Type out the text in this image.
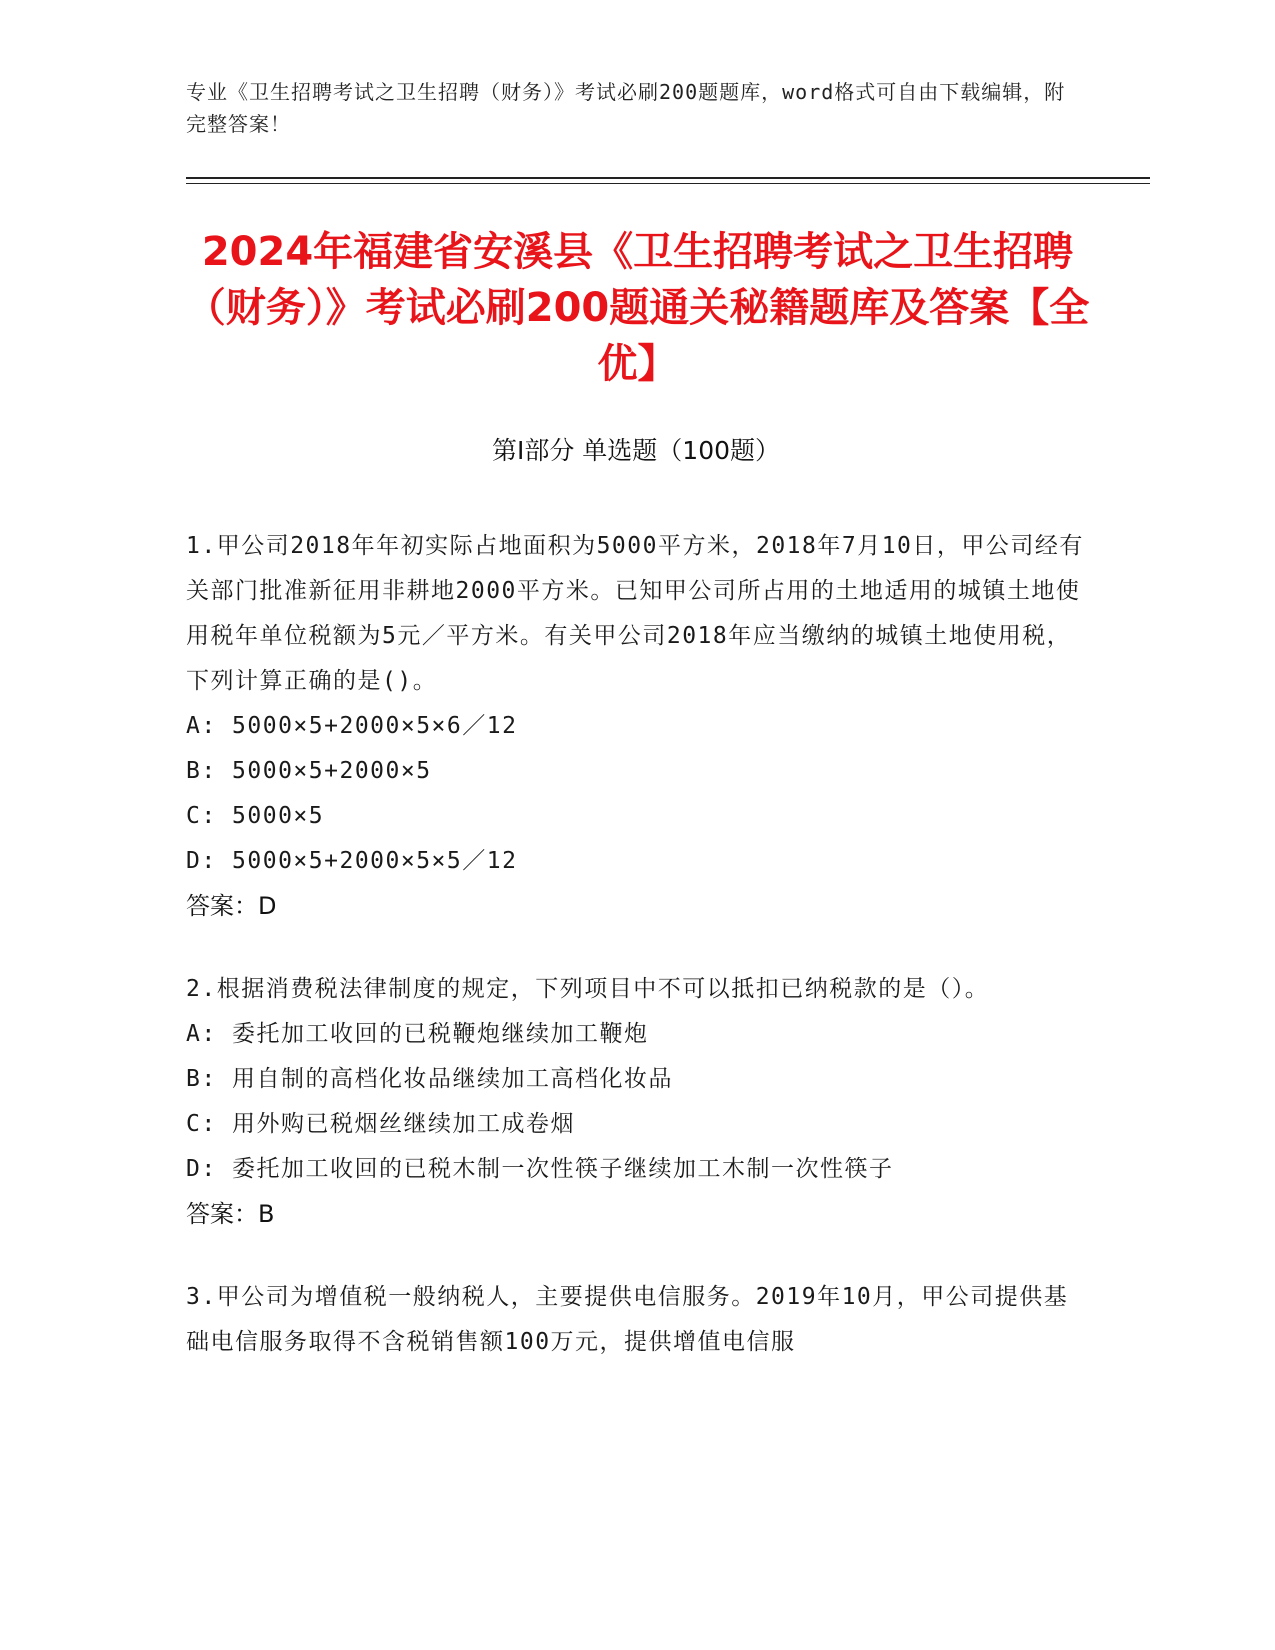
专业《卫生招聘考试之卫生招聘（财务）》考试必刷200题题库，word格式可自由下载编辑，附完整答案！
2024年福建省安溪县《卫生招聘考试之卫生招聘（财务）》考试必刷200题通关秘籍题库及答案【全优】
第Ⅰ部分 单选题（100题）

1.甲公司2018年年初实际占地面积为5000平方米，2018年7月10日，甲公司经有关部门批准新征用非耕地2000平方米。已知甲公司所占用的土地适用的城镇土地使用税年单位税额为5元／平方米。有关甲公司2018年应当缴纳的城镇土地使用税，下列计算正确的是()。

A: 5000×5+2000×5×6／12

B: 5000×5+2000×5

C: 5000×5

D: 5000×5+2000×5×5／12

答案：D

2.根据消费税法律制度的规定，下列项目中不可以抵扣已纳税款的是（）。

A: 委托加工收回的已税鞭炮继续加工鞭炮

B: 用自制的高档化妆品继续加工高档化妆品

C: 用外购已税烟丝继续加工成卷烟

D: 委托加工收回的已税木制一次性筷子继续加工木制一次性筷子

答案：B

3.甲公司为增值税一般纳税人，主要提供电信服务。2019年10月，甲公司提供基础电信服务取得不含税销售额100万元，提供增值电信服
